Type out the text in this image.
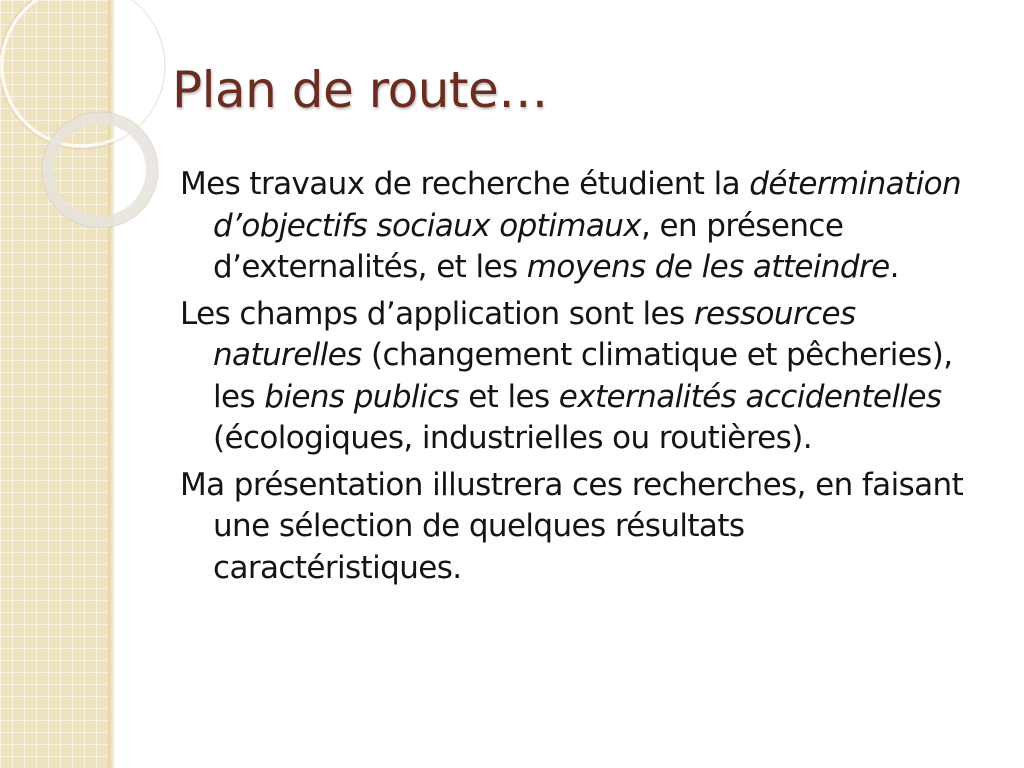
Plan de route…

Mes travaux de recherche étudient la détermination d’objectifs sociaux optimaux, en présence d’externalités, et les moyens de les atteindre.

Les champs d’application sont les ressources naturelles (changement climatique et pêcheries), les biens publics et les externalités accidentelles (écologiques, industrielles ou routières).

Ma présentation illustrera ces recherches, en faisant une sélection de quelques résultats caractéristiques.
